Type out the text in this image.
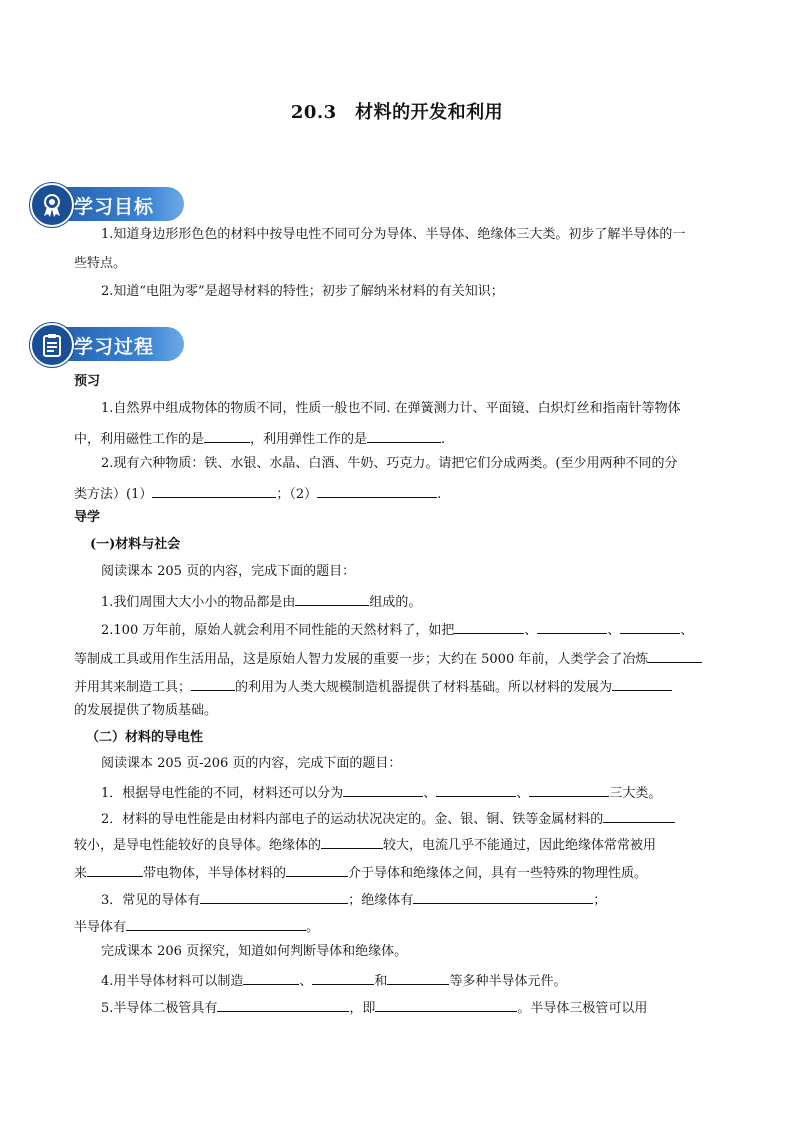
20.3　材料的开发和利用
学习目标
1.知道身边形形色色的材料中按导电性不同可分为导体、半导体、绝缘体三大类。初步了解半导体的一
些特点。
2.知道“电阻为零”是超导材料的特性；初步了解纳米材料的有关知识；
学习过程
预习
1.自然界中组成物体的物质不同，性质一般也不同. 在弹簧测力计、平面镜、白炽灯丝和指南针等物体
中，利用磁性工作的是	，利用弹性工作的是	.
2.现有六种物质：铁、水银、水晶、白酒、牛奶、巧克力。请把它们分成两类。(至少用两种不同的分
类方法）(1）	；（2）	.
导学
(一)材料与社会
阅读课本 205 页的内容，完成下面的题目：
1.我们周围大大小小的物品都是由	组成的。
2.100 万年前，原始人就会利用不同性能的天然材料了，如把	、	、	、
等制成工具或用作生活用品，这是原始人智力发展的重要一步；大约在 5000 年前，人类学会了冶炼
并用其来制造工具；	的利用为人类大规模制造机器提供了材料基础。所以材料的发展为
的发展提供了物质基础。
（二）材料的导电性
阅读课本 205 页-206 页的内容，完成下面的题目：
1．根据导电性能的不同，材料还可以分为	、	、	三大类。
2．材料的导电性能是由材料内部电子的运动状况决定的。金、银、铜、铁等金属材料的
较小，是导电性能较好的良导体。绝缘体的	较大，电流几乎不能通过，因此绝缘体常常被用
来	带电物体，半导体材料的	介于导体和绝缘体之间，具有一些特殊的物理性质。
3．常见的导体有	；绝缘体有	；
半导体有	。
完成课本 206 页探究，知道如何判断导体和绝缘体。
4.用半导体材料可以制造	、	和	等多种半导体元件。
5.半导体二极管具有	，即	。半导体三极管可以用
